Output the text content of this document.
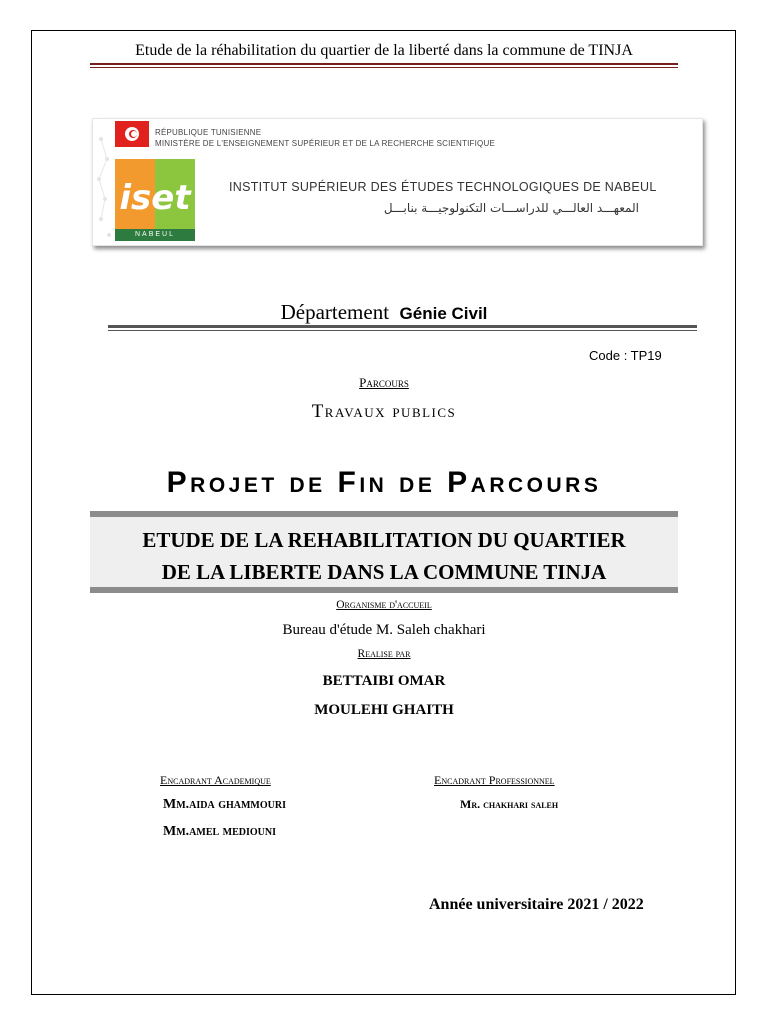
Etude de la réhabilitation du quartier de la liberté dans la commune de TINJA
RÉPUBLIQUE TUNISIENNE
MINISTÈRE DE L'ENSEIGNEMENT SUPÉRIEUR ET DE LA RECHERCHE SCIENTIFIQUE
iset
NABEUL
INSTITUT SUPÉRIEUR DES ÉTUDES TECHNOLOGIQUES DE NABEUL
المعهـــد العالـــي للدراســـات التكنولوجيـــة بنابـــل
Département Génie Civil
Code : TP19
Parcours
Travaux publics
Projet de Fin de Parcours
ETUDE DE LA REHABILITATION DU QUARTIER
DE LA LIBERTE DANS LA COMMUNE TINJA
Organisme d'accueil
Bureau d'étude M. Saleh chakhari
Realise par
BETTAIBI OMAR
MOULEHI GHAITH
Encadrant Academique	Encadrant Professionnel
Mm.aida ghammouri
Mm.amel mediouni
Mr. chakhari saleh
Année universitaire 2021 / 2022
